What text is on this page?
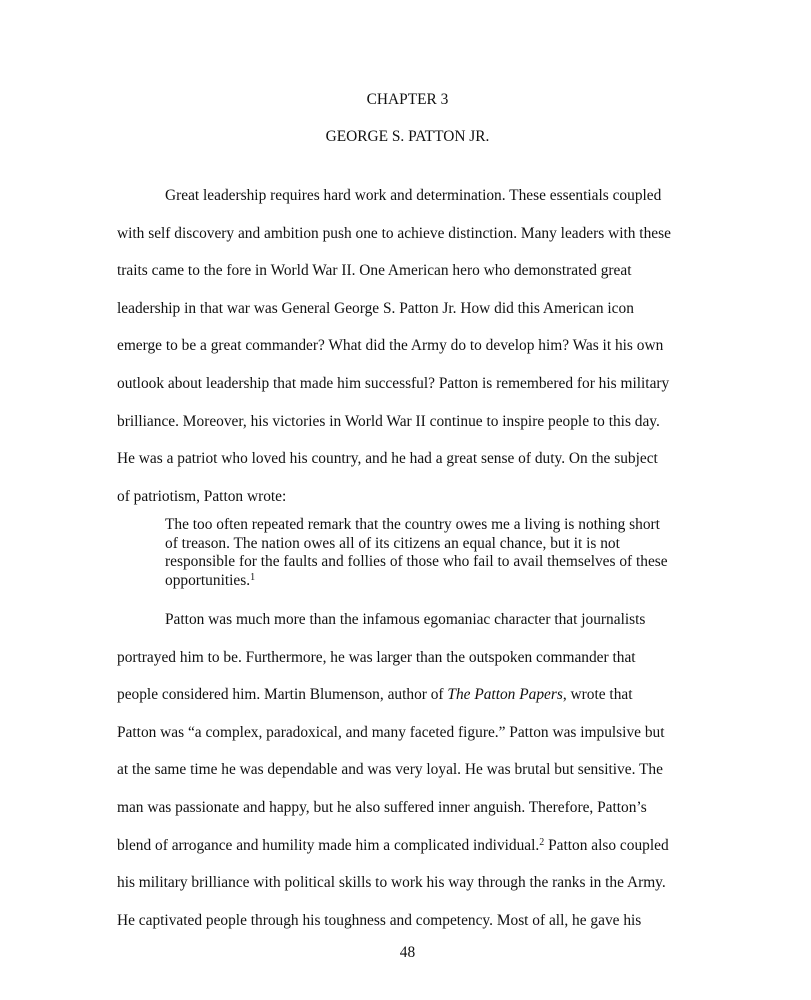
CHAPTER 3
GEORGE S. PATTON JR.

Great leadership requires hard work and determination. These essentials coupled
with self discovery and ambition push one to achieve distinction. Many leaders with these
traits came to the fore in World War II. One American hero who demonstrated great
leadership in that war was General George S. Patton Jr. How did this American icon
emerge to be a great commander? What did the Army do to develop him? Was it his own
outlook about leadership that made him successful? Patton is remembered for his military
brilliance. Moreover, his victories in World War II continue to inspire people to this day.
He was a patriot who loved his country, and he had a great sense of duty. On the subject
of patriotism, Patton wrote:

The too often repeated remark that the country owes me a living is nothing short
of treason. The nation owes all of its citizens an equal chance, but it is not
responsible for the faults and follies of those who fail to avail themselves of these
opportunities.$^1$

Patton was much more than the infamous egomaniac character that journalists
portrayed him to be. Furthermore, he was larger than the outspoken commander that
people considered him. Martin Blumenson, author of The Patton Papers, wrote that
Patton was “a complex, paradoxical, and many faceted figure.” Patton was impulsive but
at the same time he was dependable and was very loyal. He was brutal but sensitive. The
man was passionate and happy, but he also suffered inner anguish. Therefore, Patton’s
blend of arrogance and humility made him a complicated individual.$^2$ Patton also coupled
his military brilliance with political skills to work his way through the ranks in the Army.
He captivated people through his toughness and competency. Most of all, he gave his

48
